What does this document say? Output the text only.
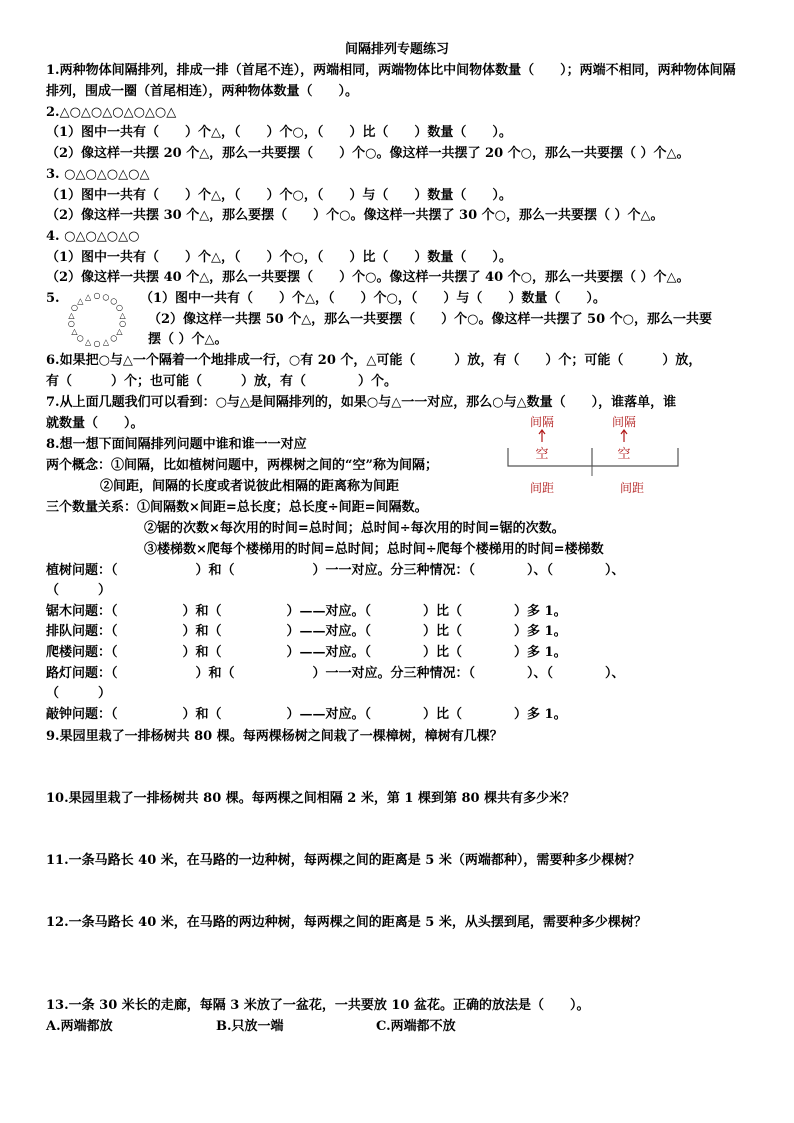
间隔排列专题练习
1.两种物体间隔排列，排成一排（首尾不连），两端相同，两端物体比中间物体数量（　　）；两端不相同，两种物体间隔排列，围成一圈（首尾相连），两种物体数量（　　）。
2.△○△○△○△○△○△
（1）图中一共有（　　）个△，（　　）个○，（　　）比（　　）数量（　　）。
（2）像这样一共摆 20 个△，那么一共要摆（　　）个○。像这样一共摆了 20 个○，那么一共要摆（ ）个△。
3. ○△○△○△○△
（1）图中一共有（　　）个△，（　　）个○，（　　）与（　　）数量（　　）。
（2）像这样一共摆 30 个△，那么要摆（　　）个○。像这样一共摆了 30 个○，那么一共要摆（ ）个△。
4. ○△○△○△○
（1）图中一共有（　　）个△，（　　）个○，（　　）比（　　）数量（　　）。
（2）像这样一共摆 40 个△，那么一共要摆（　　）个○。像这样一共摆了 40 个○，那么一共要摆（ ）个△。
5.	○ ○ ○
○
△
○
△
○
△
○
△
○
△
○
△
○
△ △	（1）图中一共有（　　）个△，（　　）个○，（　　）与（　　）数量（　　）。
（2）像这样一共摆 50 个△，那么一共要摆（　　）个○。像这样一共摆了 50 个○，那么一共要
摆（ ）个△。
6.如果把○与△一个隔着一个地排成一行，○有 20 个，△可能（　　　）放，有（　　）个；可能（　　　）放，
有（　　　）个；也可能（　　　）放，有（　　　　）个。
7.从上面几题我们可以看到：○与△是间隔排列的，如果○与△一一对应，那么○与△数量（　　），谁落单，谁
就数量（　　）。
8.想一想下面间隔排列问题中谁和谁一一对应
两个概念：①间隔，比如植树问题中，两棵树之间的“空”称为间隔；
②间距，间隔的长度或者说彼此相隔的距离称为间距
间隔	间隔
空	空
间距	间距
三个数量关系：①间隔数×间距=总长度；总长度÷间距=间隔数。
②锯的次数×每次用的时间=总时间；总时间÷每次用的时间=锯的次数。
③楼梯数×爬每个楼梯用的时间=总时间；总时间÷爬每个楼梯用的时间=楼梯数
植树问题：（　　　　　　）和（　　　　　　）一一对应。分三种情况：（　　　　）、（　　　　）、
（　　　）
锯木问题：（　　　　　）和（　　　　　）——对应。（　　　　）比（　　　　）多 1。
排队问题：（　　　　　）和（　　　　　）——对应。（　　　　）比（　　　　）多 1。
爬楼问题：（　　　　　）和（　　　　　）——对应。（　　　　）比（　　　　）多 1。
路灯问题：（　　　　　　）和（　　　　　　）一一对应。分三种情况：（　　　　）、（　　　　）、
（　　　）
敲钟问题：（　　　　　）和（　　　　　）——对应。（　　　　）比（　　　　）多 1。
9.果园里栽了一排杨树共 80 棵。每两棵杨树之间栽了一棵樟树，樟树有几棵？
10.果园里栽了一排杨树共 80 棵。每两棵之间相隔 2 米，第 1 棵到第 80 棵共有多少米？
11.一条马路长 40 米，在马路的一边种树，每两棵之间的距离是 5 米（两端都种），需要种多少棵树？
12.一条马路长 40 米，在马路的两边种树，每两棵之间的距离是 5 米，从头摆到尾，需要种多少棵树？
13.一条 30 米长的走廊，每隔 3 米放了一盆花，一共要放 10 盆花。正确的放法是（　　）。
A.两端都放	B.只放一端	C.两端都不放
